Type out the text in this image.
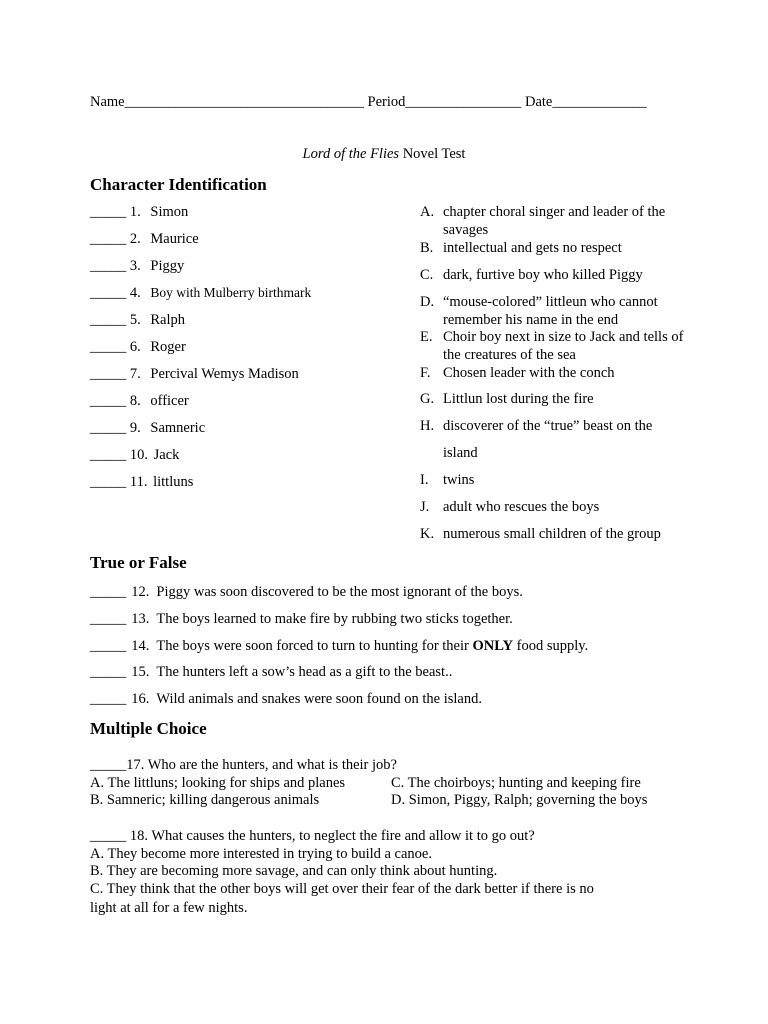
Name_________________________________ Period________________ Date_____________
Lord of the Flies Novel Test
Character Identification
_____ 1. Simon
_____ 2. Maurice
_____ 3. Piggy
_____ 4. Boy with Mulberry birthmark
_____ 5. Ralph
_____ 6. Roger
_____ 7. Percival Wemys Madison
_____ 8. officer
_____ 9. Samneric
_____ 10. Jack
_____ 11. littluns
A. chapter choral singer and leader of the savages
B. intellectual and gets no respect
C. dark, furtive boy who killed Piggy
D. “mouse-colored” littleun who cannot remember his name in the end
E. Choir boy next in size to Jack and tells of the creatures of the sea
F. Chosen leader with the conch
G. Littlun lost during the fire
H. discoverer of the “true” beast on the
island
I. twins
J. adult who rescues the boys
K. numerous small children of the group
True or False
_____ 12. Piggy was soon discovered to be the most ignorant of the boys.
_____ 13. The boys learned to make fire by rubbing two sticks together.
_____ 14. The boys were soon forced to turn to hunting for their ONLY food supply.
_____ 15. The hunters left a sow’s head as a gift to the beast..
_____ 16. Wild animals and snakes were soon found on the island.
Multiple Choice
_____17. Who are the hunters, and what is their job?
A. The littluns; looking for ships and planes	C. The choirboys; hunting and keeping fire
B. Samneric; killing dangerous animals	D. Simon, Piggy, Ralph; governing the boys
_____ 18. What causes the hunters, to neglect the fire and allow it to go out?
A. They become more interested in trying to build a canoe.
B. They are becoming more savage, and can only think about hunting.
C. They think that the other boys will get over their fear of the dark better if there is no
light at all for a few nights.
